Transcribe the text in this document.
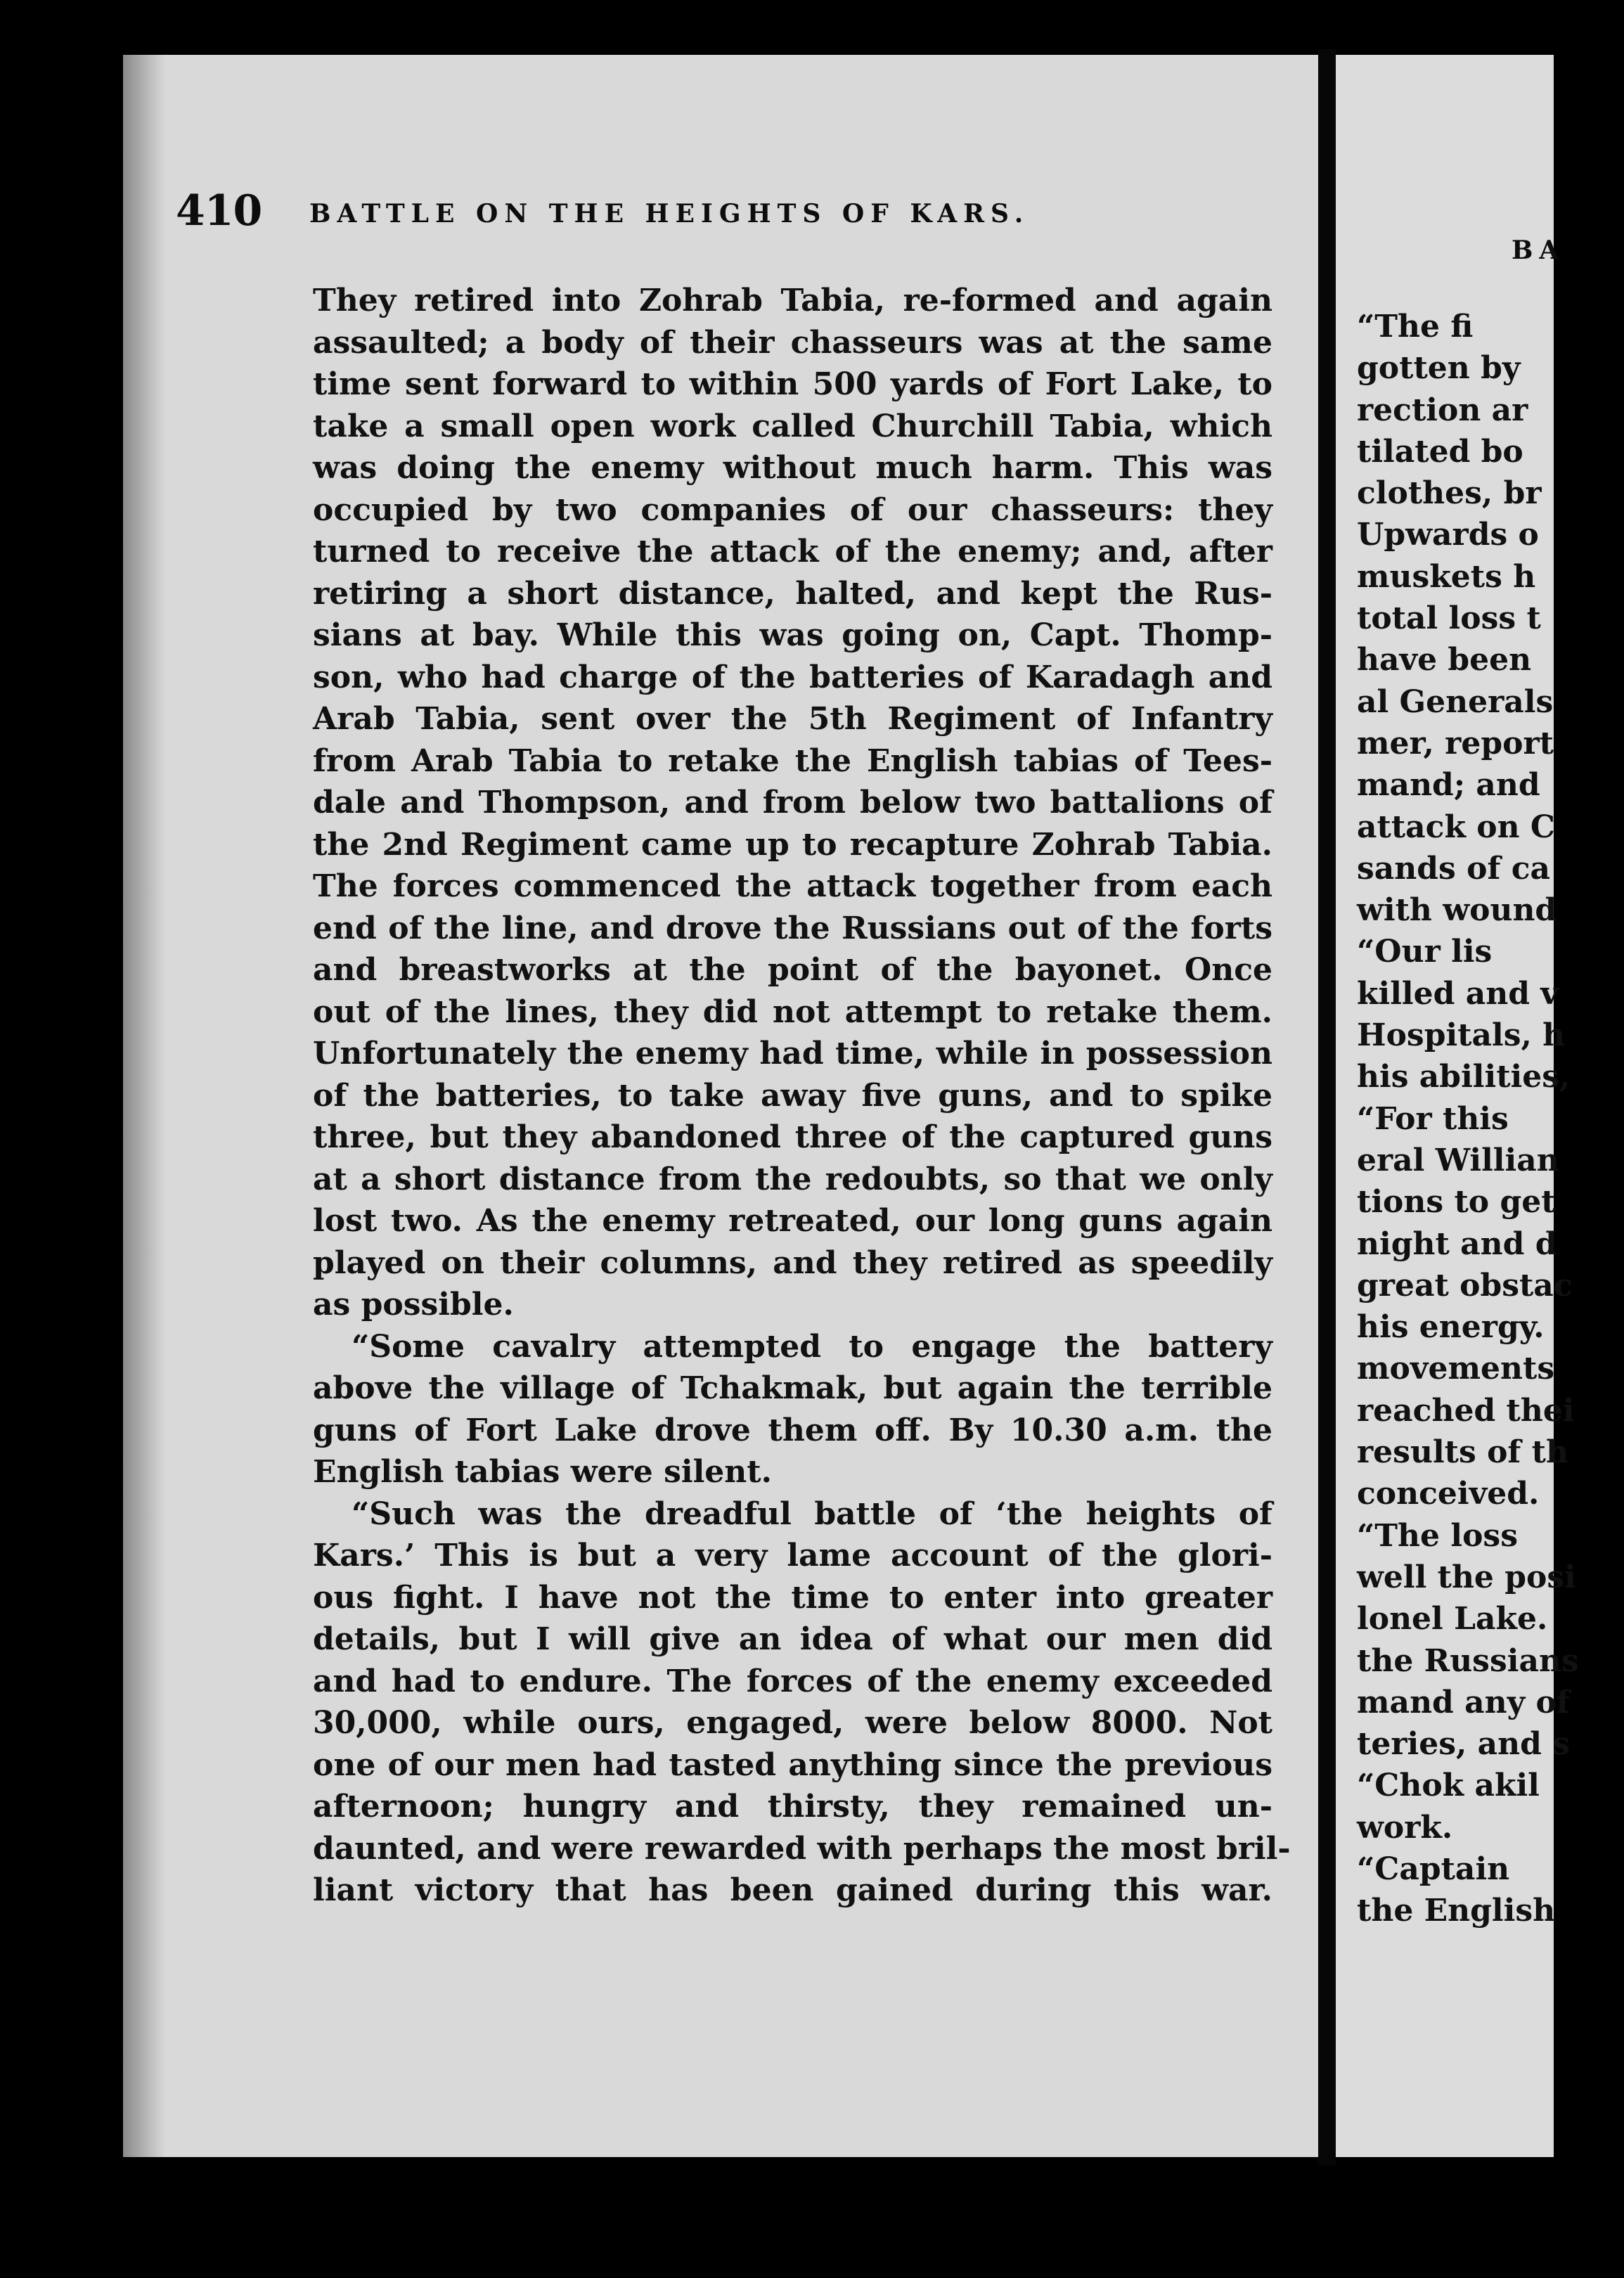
410 BATTLE ON THE HEIGHTS OF KARS.
They retired into Zohrab Tabia, re-formed and again
assaulted; a body of their chasseurs was at the same
time sent forward to within 500 yards of Fort Lake, to
take a small open work called Churchill Tabia, which
was doing the enemy without much harm. This was
occupied by two companies of our chasseurs: they
turned to receive the attack of the enemy; and, after
retiring a short distance, halted, and kept the Rus-
sians at bay. While this was going on, Capt. Thomp-
son, who had charge of the batteries of Karadagh and
Arab Tabia, sent over the 5th Regiment of Infantry
from Arab Tabia to retake the English tabias of Tees-
dale and Thompson, and from below two battalions of
the 2nd Regiment came up to recapture Zohrab Tabia.
The forces commenced the attack together from each
end of the line, and drove the Russians out of the forts
and breastworks at the point of the bayonet. Once
out of the lines, they did not attempt to retake them.
Unfortunately the enemy had time, while in possession
of the batteries, to take away five guns, and to spike
three, but they abandoned three of the captured guns
at a short distance from the redoubts, so that we only
lost two. As the enemy retreated, our long guns again
played on their columns, and they retired as speedily
as possible.
“Some cavalry attempted to engage the battery
above the village of Tchakmak, but again the terrible
guns of Fort Lake drove them off. By 10.30 a.m. the
English tabias were silent.
“Such was the dreadful battle of ‘the heights of
Kars.’ This is but a very lame account of the glori-
ous fight. I have not the time to enter into greater
details, but I will give an idea of what our men did
and had to endure. The forces of the enemy exceeded
30,000, while ours, engaged, were below 8000. Not
one of our men had tasted anything since the previous
afternoon; hungry and thirsty, they remained un-
daunted, and were rewarded with perhaps the most bril-
liant victory that has been gained during this war.
BA
“The fi
gotten by
rection ar
tilated bo
clothes, br
Upwards o
muskets h
total loss t
have been
al Generals
mer, report
mand; and
attack on C
sands of ca
with wound
“Our lis
killed and v
Hospitals, h
his abilities,
“For this
eral Willian
tions to get
night and d
great obstac
his energy.
movements
reached thei
results of th
conceived.
“The loss
well the posi
lonel Lake.
the Russians
mand any of
teries, and s
“Chok akil
work.
“Captain
the English
